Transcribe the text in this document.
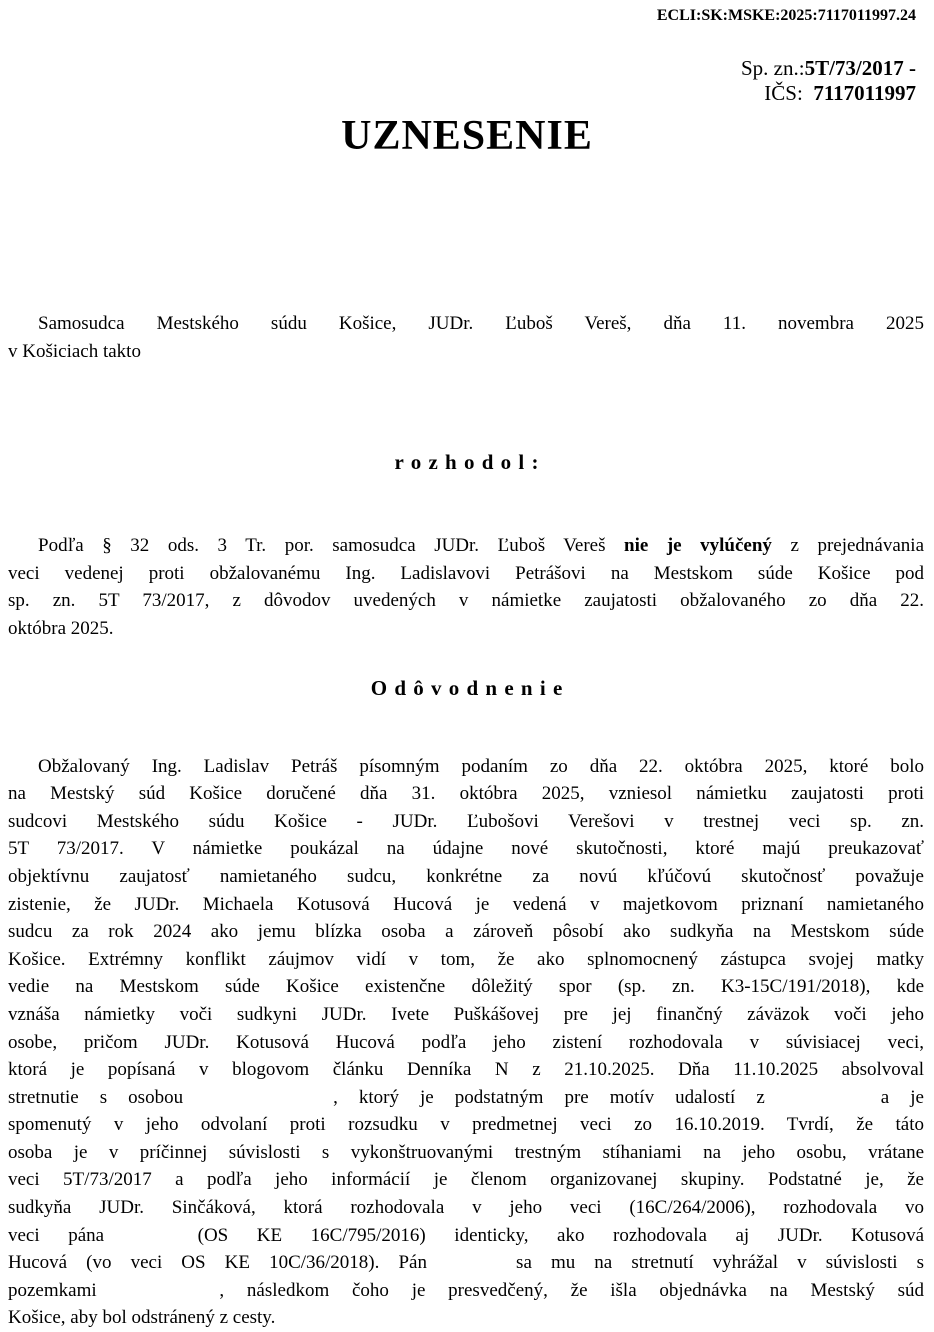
ECLI:SK:MSKE:2025:7117011997.24
Sp. zn.:5T/73/2017 -
IČS:  7117011997
UZNESENIE
Samosudca Mestského súdu Košice, JUDr. Ľuboš Vereš, dňa 11. novembra 2025
v Košiciach takto
r o z h o d o l :
Podľa § 32 ods. 3 Tr. por. samosudca JUDr. Ľuboš Vereš nie je vylúčený z prejednávania
veci vedenej proti obžalovanému Ing. Ladislavovi Petrášovi na Mestskom súde Košice pod
sp. zn. 5T 73/2017, z dôvodov uvedených v námietke zaujatosti obžalovaného zo dňa 22.
októbra 2025.
O d ô v o d n e n i e
Obžalovaný Ing. Ladislav Petráš písomným podaním zo dňa 22. októbra 2025, ktoré bolo
na Mestský súd Košice doručené dňa 31. októbra 2025, vzniesol námietku zaujatosti proti
sudcovi Mestského súdu Košice - JUDr. Ľubošovi Verešovi v trestnej veci sp. zn.
5T 73/2017. V námietke poukázal na údajne nové skutočnosti, ktoré majú preukazovať
objektívnu zaujatosť namietaného sudcu, konkrétne za novú kľúčovú skutočnosť považuje
zistenie, že JUDr. Michaela Kotusová Hucová je vedená v majetkovom priznaní namietaného
sudcu za rok 2024 ako jemu blízka osoba a zároveň pôsobí ako sudkyňa na Mestskom súde
Košice. Extrémny konflikt záujmov vidí v tom, že ako splnomocnený zástupca svojej matky
vedie na Mestskom súde Košice existenčne dôležitý spor (sp. zn. K3-15C/191/2018), kde
vznáša námietky voči sudkyni JUDr. Ivete Puškášovej pre jej finančný záväzok voči jeho
osobe, pričom JUDr. Kotusová Hucová podľa jeho zistení rozhodovala v súvisiacej veci,
ktorá je popísaná v blogovom článku Denníka N z 21.10.2025. Dňa 11.10.2025 absolvoval
stretnutie s osobou	, ktorý je podstatným pre motív udalostí z	a je
spomenutý v jeho odvolaní proti rozsudku v predmetnej veci zo 16.10.2019. Tvrdí, že táto
osoba je v príčinnej súvislosti s vykonštruovanými trestným stíhaniami na jeho osobu, vrátane
veci 5T/73/2017 a podľa jeho informácií je členom organizovanej skupiny. Podstatné je, že
sudkyňa JUDr. Sinčáková, ktorá rozhodovala v jeho veci (16C/264/2006), rozhodovala vo
veci pána	(OS KE 16C/795/2016) identicky, ako rozhodovala aj JUDr. Kotusová
Hucová (vo veci OS KE 10C/36/2018). Pán	sa mu na stretnutí vyhrážal v súvislosti s
pozemkami	, následkom čoho je presvedčený, že išla objednávka na Mestský súd
Košice, aby bol odstránený z cesty.
